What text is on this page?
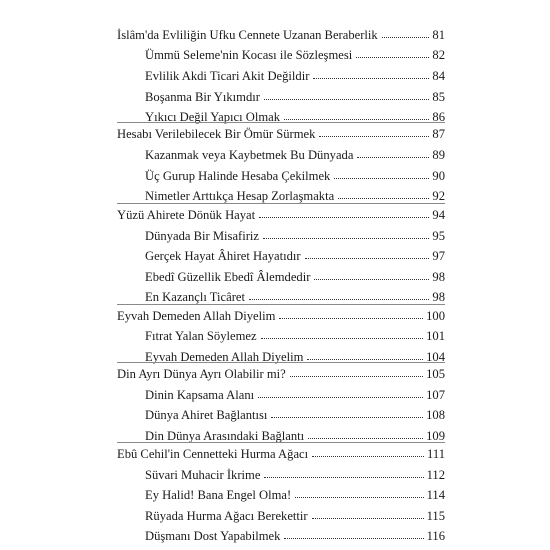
İslâm'da Evliliğin Ufku Cennete Uzanan Beraberlik	81
Ümmü Seleme'nin Kocası ile Sözleşmesi	82
Evlilik Akdi Ticari Akit Değildir	84
Boşanma Bir Yıkımdır	85
Yıkıcı Değil Yapıcı Olmak	86
Hesabı Verilebilecek Bir Ömür Sürmek	87
Kazanmak veya Kaybetmek Bu Dünyada	89
Üç Gurup Halinde Hesaba Çekilmek	90
Nimetler Arttıkça Hesap Zorlaşmakta	92
Yüzü Ahirete Dönük Hayat	94
Dünyada Bir Misafiriz	95
Gerçek Hayat Âhiret Hayatıdır	97
Ebedî Güzellik Ebedî Âlemdedir	98
En Kazançlı Ticâret	98
Eyvah Demeden Allah Diyelim	100
Fıtrat Yalan Söylemez	101
Eyvah Demeden Allah Diyelim	104
Din Ayrı Dünya Ayrı Olabilir mi?	105
Dinin Kapsama Alanı	107
Dünya Ahiret Bağlantısı	108
Din Dünya Arasındaki Bağlantı	109
Ebû Cehil'in Cennetteki Hurma Ağacı	111
Süvari Muhacir İkrime	112
Ey Halid! Bana Engel Olma!	114
Rüyada Hurma Ağacı Berekettir	115
Düşmanı Dost Yapabilmek	116
